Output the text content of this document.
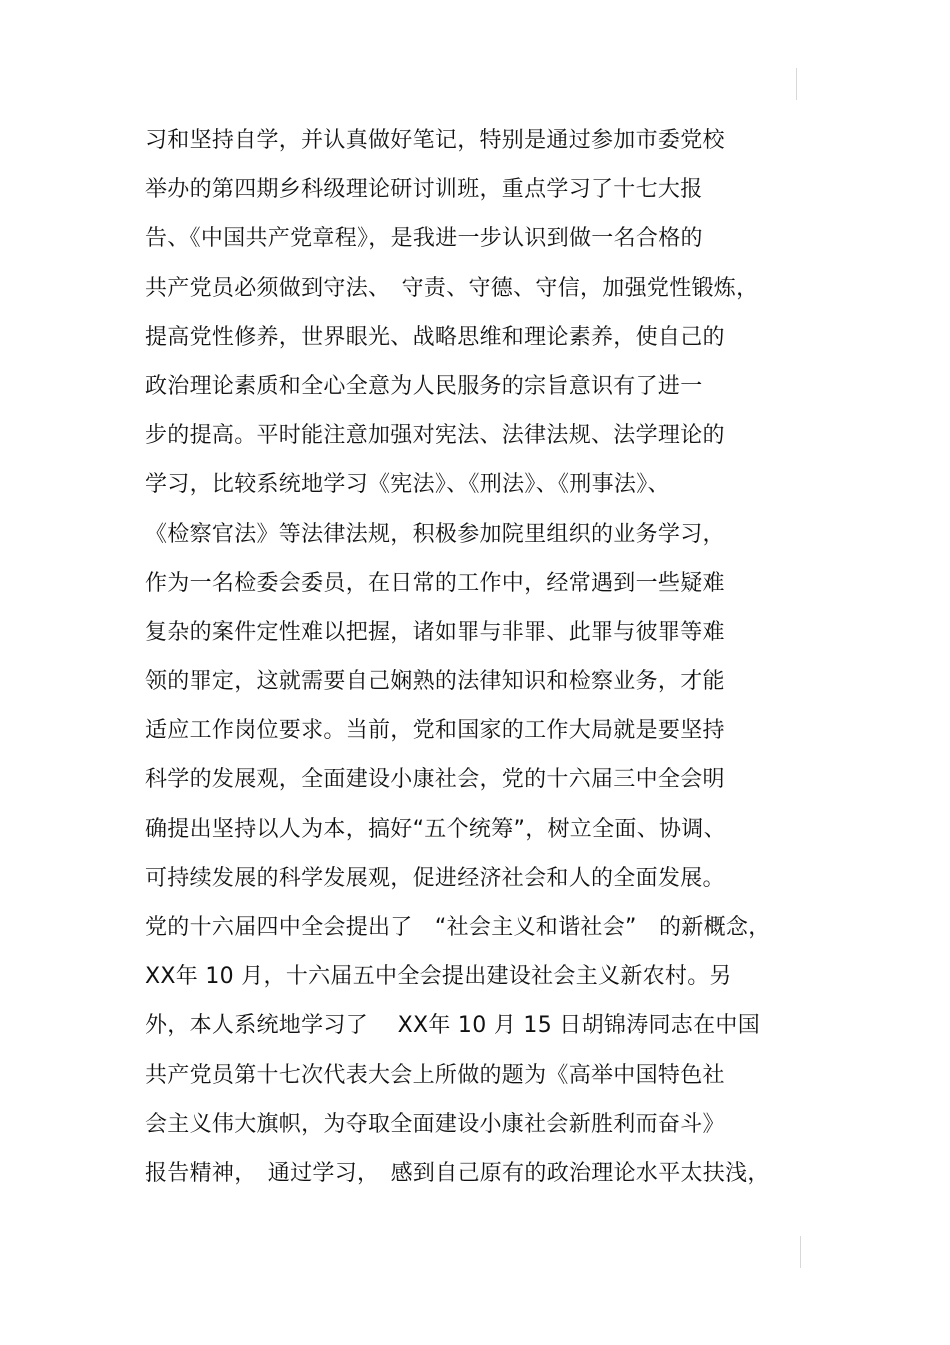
习和坚持自学，并认真做好笔记，特别是通过参加市委党校
举办的第四期乡科级理论研讨训班，重点学习了十七大报
告、《中国共产党章程》，是我进一步认识到做一名合格的
共产党员必须做到守法、　守责、守德、守信，加强党性锻炼，
提高党性修养，世界眼光、战略思维和理论素养，使自己的
政治理论素质和全心全意为人民服务的宗旨意识有了进一
步的提高。平时能注意加强对宪法、法律法规、法学理论的
学习，比较系统地学习《宪法》、《刑法》、《刑事法》、
《检察官法》等法律法规，积极参加院里组织的业务学习，
作为一名检委会委员，在日常的工作中，经常遇到一些疑难
复杂的案件定性难以把握，诸如罪与非罪、此罪与彼罪等难
领的罪定，这就需要自己娴熟的法律知识和检察业务，才能
适应工作岗位要求。当前，党和国家的工作大局就是要坚持
科学的发展观，全面建设小康社会，党的十六届三中全会明
确提出坚持以人为本，搞好“五个统筹”，树立全面、协调、
可持续发展的科学发展观，促进经济社会和人的全面发展。
党的十六届四中全会提出了　“社会主义和谐社会”　的新概念，
XX年 10 月，十六届五中全会提出建设社会主义新农村。另
外，本人系统地学习了　 XX年 10 月 15 日胡锦涛同志在中国
共产党员第十七次代表大会上所做的题为《高举中国特色社
会主义伟大旗帜，为夺取全面建设小康社会新胜利而奋斗》
报告精神，　通过学习，　感到自己原有的政治理论水平太扶浅，
